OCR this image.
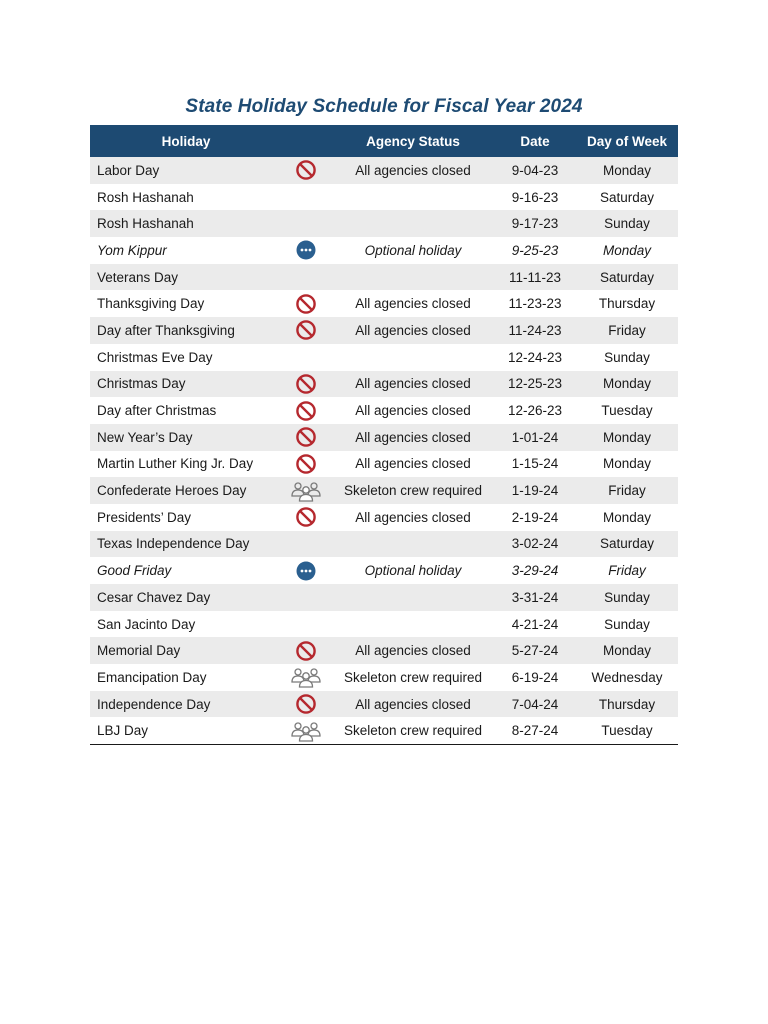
State Holiday Schedule for Fiscal Year 2024
Holiday	Agency Status	Date	Day of Week
Labor Day	All agencies closed	9-04-23	Monday
Rosh Hashanah	9-16-23	Saturday
Rosh Hashanah	9-17-23	Sunday
Yom Kippur	Optional holiday	9-25-23	Monday
Veterans Day	11-11-23	Saturday
Thanksgiving Day	All agencies closed	11-23-23	Thursday
Day after Thanksgiving	All agencies closed	11-24-23	Friday
Christmas Eve Day	12-24-23	Sunday
Christmas Day	All agencies closed	12-25-23	Monday
Day after Christmas	All agencies closed	12-26-23	Tuesday
New Year’s Day	All agencies closed	1-01-24	Monday
Martin Luther King Jr. Day	All agencies closed	1-15-24	Monday
Confederate Heroes Day	Skeleton crew required	1-19-24	Friday
Presidents’ Day	All agencies closed	2-19-24	Monday
Texas Independence Day	3-02-24	Saturday
Good Friday	Optional holiday	3-29-24	Friday
Cesar Chavez Day	3-31-24	Sunday
San Jacinto Day	4-21-24	Sunday
Memorial Day	All agencies closed	5-27-24	Monday
Emancipation Day	Skeleton crew required	6-19-24	Wednesday
Independence Day	All agencies closed	7-04-24	Thursday
LBJ Day	Skeleton crew required	8-27-24	Tuesday
